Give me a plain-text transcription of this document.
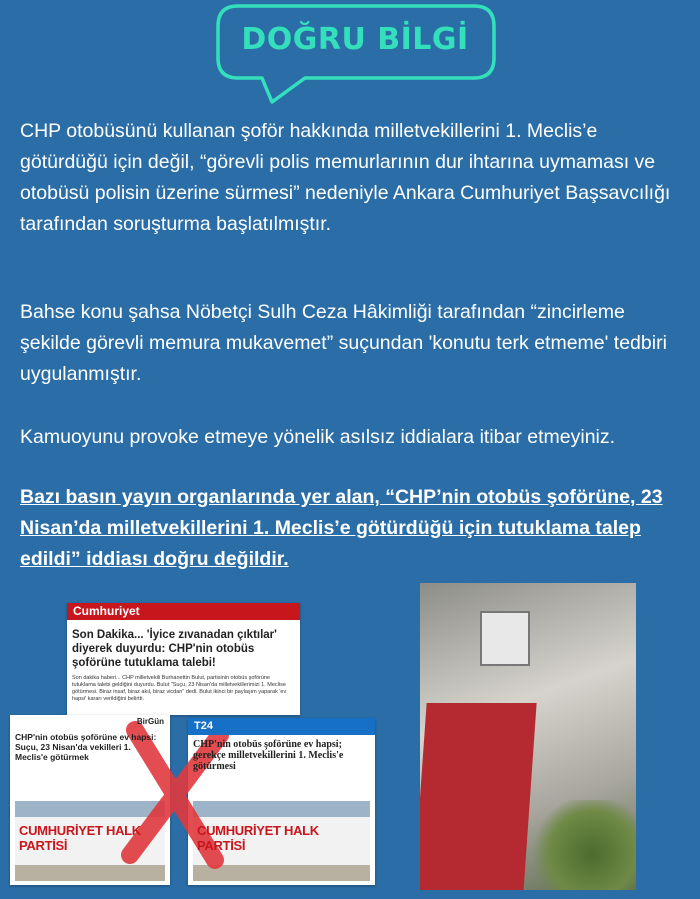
DOĞRU BİLGİ
CHP otobüsünü kullanan şoför hakkında milletvekillerini 1. Meclis’e götürdüğü için değil, “görevli polis memurlarının dur ihtarına uymaması ve otobüsü polisin üzerine sürmesi” nedeniyle Ankara Cumhuriyet Başsavcılığı tarafından soruşturma başlatılmıştır.
Bahse konu şahsa Nöbetçi Sulh Ceza Hâkimliği tarafından “zincirleme şekilde görevli memura mukavemet” suçundan 'konutu terk etmeme' tedbiri uygulanmıştır.
Kamuoyunu provoke etmeye yönelik asılsız iddialara itibar etmeyiniz.
Bazı basın yayın organlarında yer alan, “CHP’nin otobüs şoförüne, 23 Nisan’da milletvekillerini 1. Meclis’e götürdüğü için tutuklama talep edildi” iddiası doğru değildir.
Cumhuriyet
Son Dakika... 'İyice zıvanadan çıktılar' diyerek duyurdu: CHP'nin otobüs şoförüne tutuklama talebi!
Son dakika haberi... CHP milletvekili Burhanettin Bulut, partisinin otobüs şoförüne tutuklama talebi geldiğini duyurdu. Bulut "Suçu, 23 Nisan'da milletvekillerimizi 1. Meclise götürmesi. Biraz insaf, biraz akıl, biraz vicdan" dedi. Bulut ikinci bir paylaşım yaparak 'ev hapsi' kararı verildiğini belirtti.
BirGün
CHP'nin otobüs şoförüne ev hapsi: Suçu, 23 Nisan'da vekilleri 1. Meclis'e götürmek
CUMHURİYET HALK PARTİSİ
T24
CHP'nin otobüs şoförüne ev hapsi; gerekçe milletvekillerini 1. Meclis'e götürmesi
CUMHURİYET HALK PARTİSİ
